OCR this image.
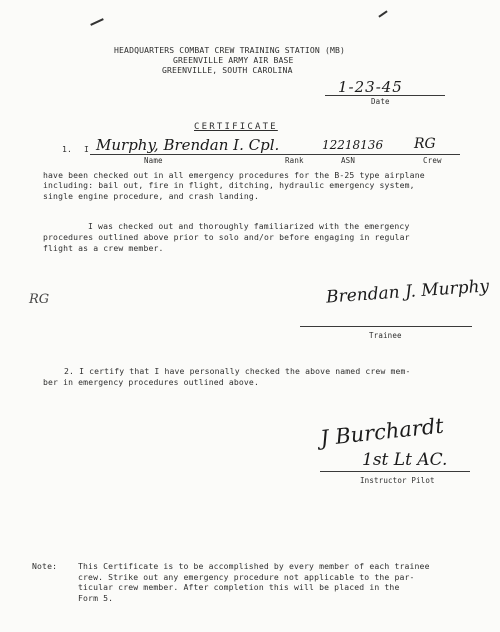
HEADQUARTERS COMBAT CREW TRAINING STATION (MB)
GREENVILLE ARMY AIR BASE
GREENVILLE, SOUTH CAROLINA
1-23-45
Date
CERTIFICATE
1. I Murphy, Brendan I. Cpl.	12218136 RG
Name	Rank	ASN	Crew
have been checked out in all emergency procedures for the B-25 type airplane
including: bail out, fire in flight, ditching, hydraulic emergency system,
single engine procedure, and crash landing.
I was checked out and thoroughly familiarized with the emergency
procedures outlined above prior to solo and/or before engaging in regular
flight as a crew member.
RG	Brendan J. Murphy
Trainee
2. I certify that I have personally checked the above named crew mem-
ber in emergency procedures outlined above.
J Burchardt
1st Lt AC.
Instructor Pilot
Note:	This Certificate is to be accomplished by every member of each trainee
crew. Strike out any emergency procedure not applicable to the par-
ticular crew member. After completion this will be placed in the
Form 5.
